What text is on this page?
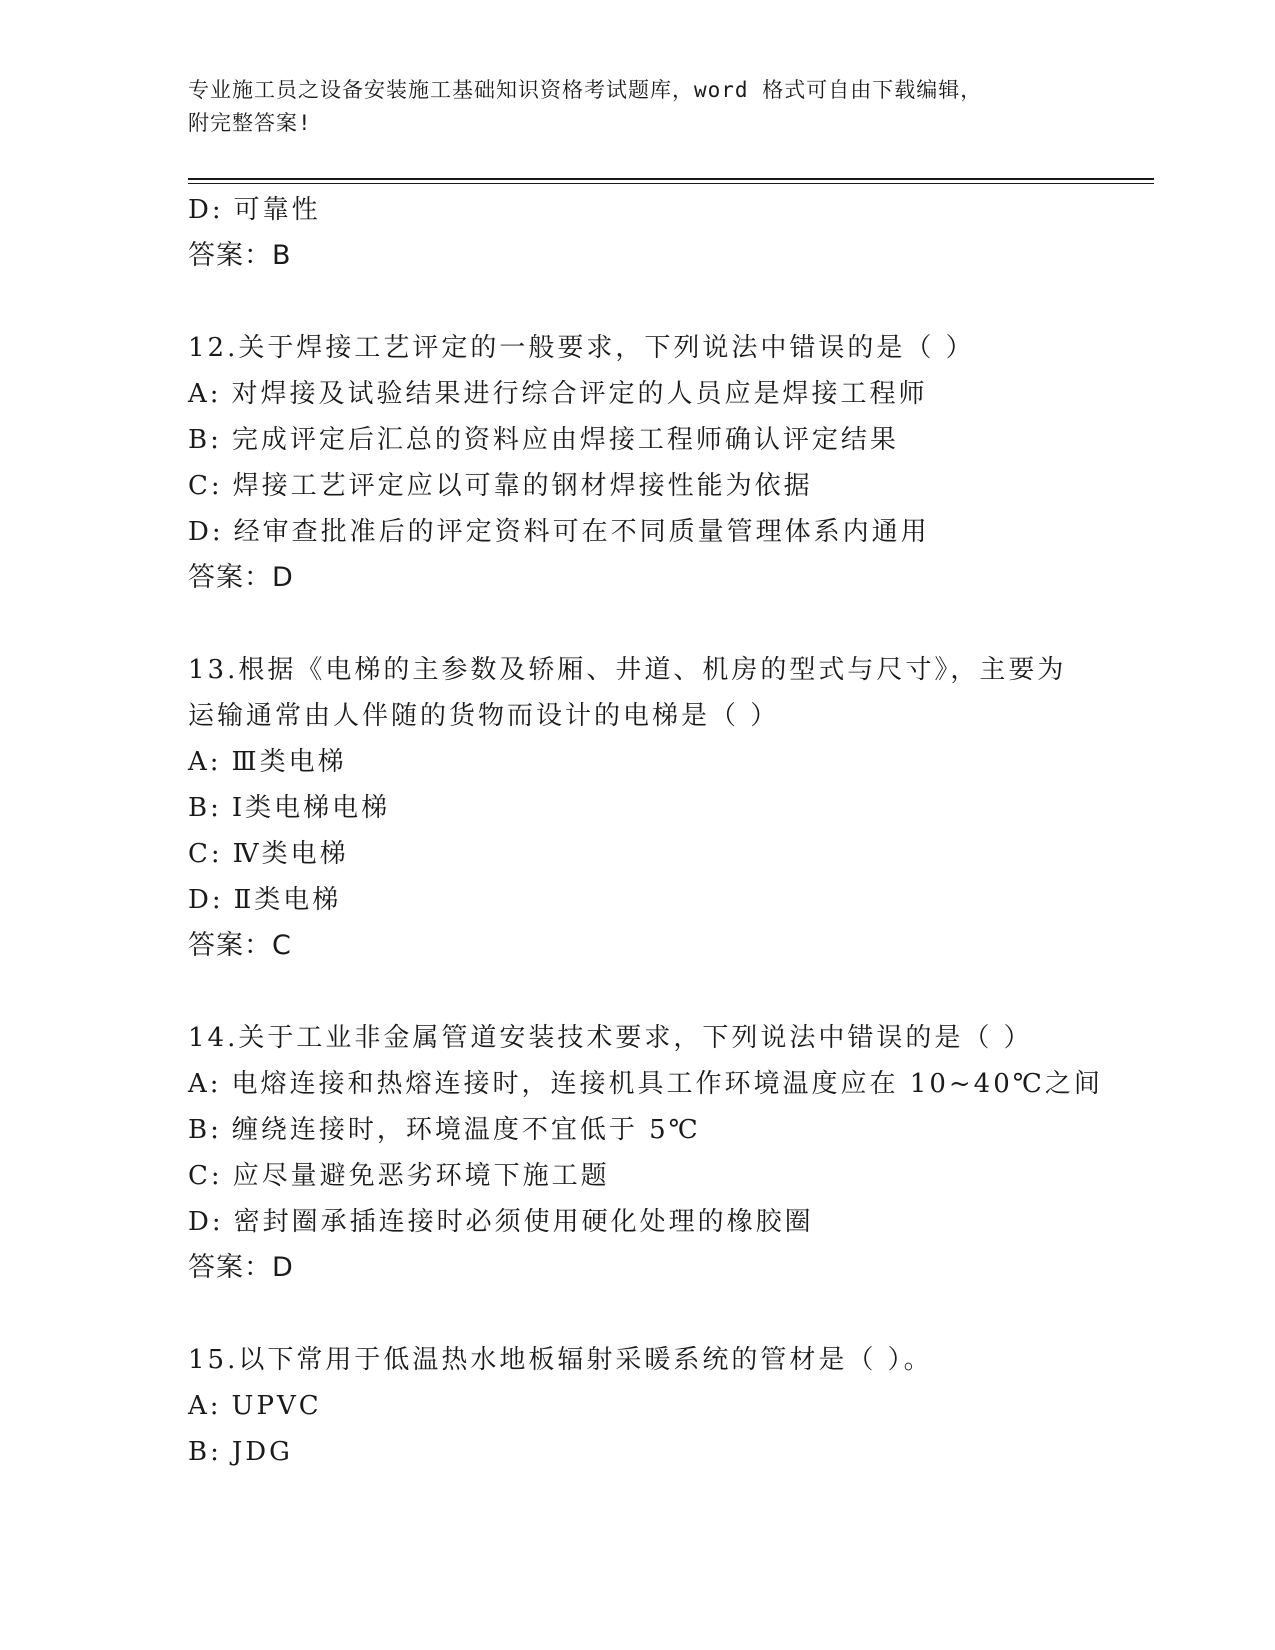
专业施工员之设备安装施工基础知识资格考试题库，word 格式可自由下载编辑，
附完整答案!
D: 可靠性
答案：B
12.关于焊接工艺评定的一般要求，下列说法中错误的是（ ）
A: 对焊接及试验结果进行综合评定的人员应是焊接工程师
B: 完成评定后汇总的资料应由焊接工程师确认评定结果
C: 焊接工艺评定应以可靠的钢材焊接性能为依据
D: 经审查批准后的评定资料可在不同质量管理体系内通用
答案：D
13.根据《电梯的主参数及轿厢、井道、机房的型式与尺寸》，主要为
运输通常由人伴随的货物而设计的电梯是（ ）
A: Ⅲ类电梯
B: Ⅰ类电梯电梯
C: Ⅳ类电梯
D: Ⅱ类电梯
答案：C
14.关于工业非金属管道安装技术要求，下列说法中错误的是（ ）
A: 电熔连接和热熔连接时，连接机具工作环境温度应在 10~40℃之间
B: 缠绕连接时，环境温度不宜低于 5℃
C: 应尽量避免恶劣环境下施工题
D: 密封圈承插连接时必须使用硬化处理的橡胶圈
答案：D
15.以下常用于低温热水地板辐射采暖系统的管材是（ ）。
A: UPVC
B: JDG
